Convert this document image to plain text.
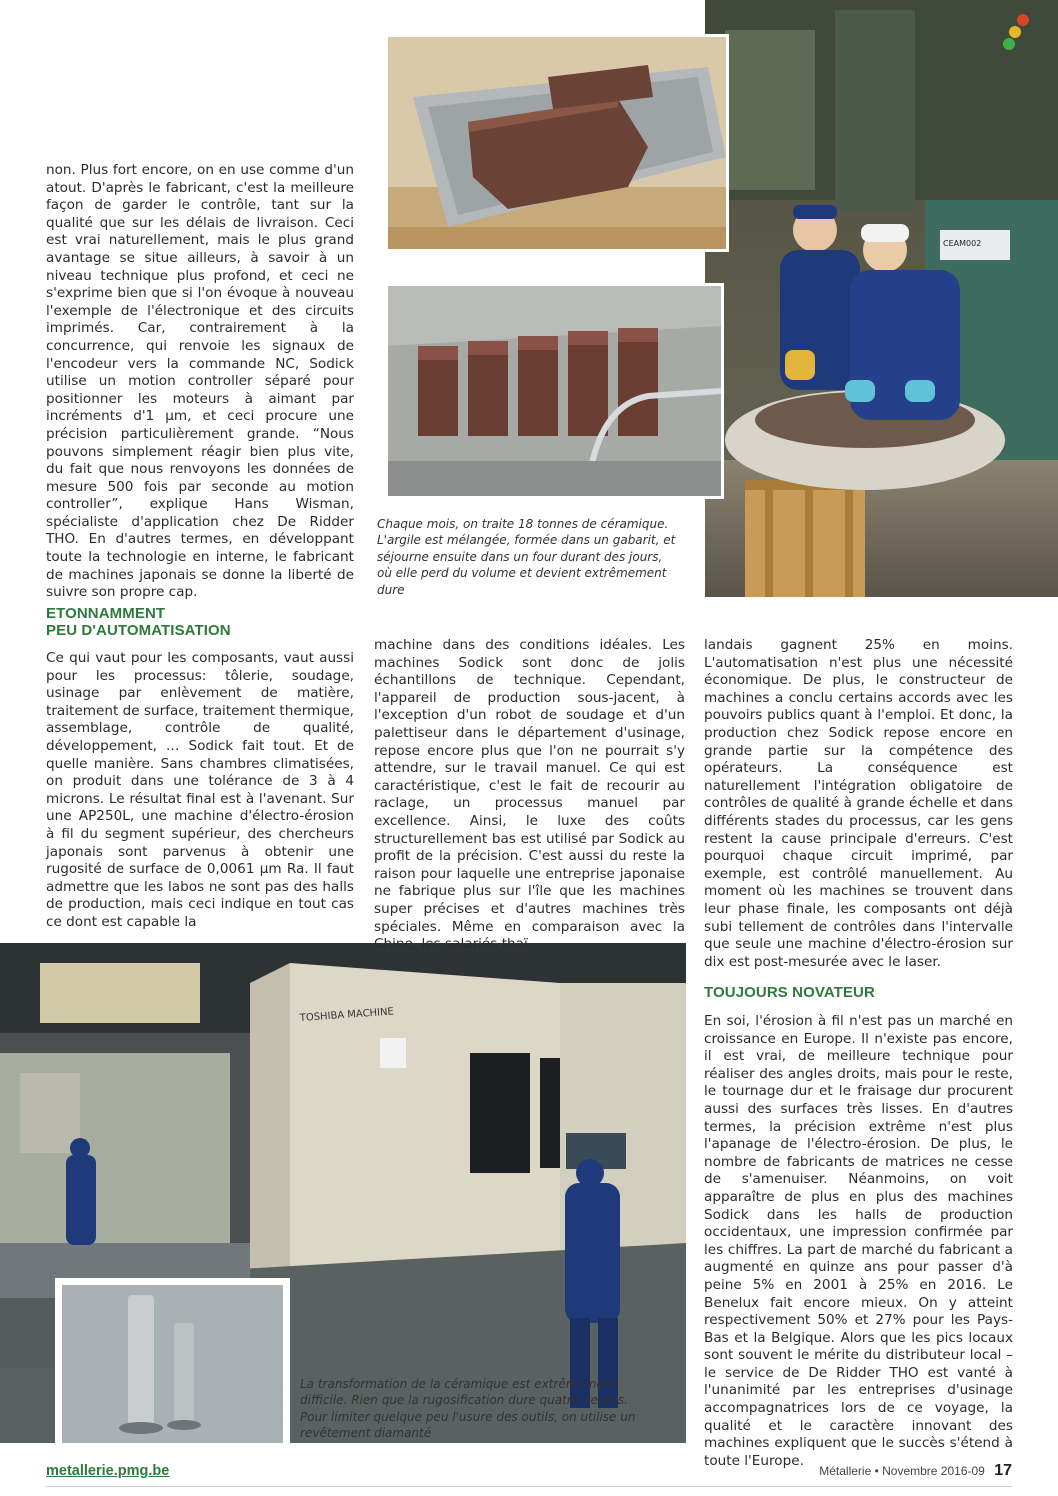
CEAM002
TOSHIBA MACHINE

non. Plus fort encore, on en use comme d'un atout. D'après le fabricant, c'est la meilleure façon de garder le contrôle, tant sur la qualité que sur les délais de livraison. Ceci est vrai naturellement, mais le plus grand avantage se situe ailleurs, à savoir à un niveau technique plus profond, et ceci ne s'exprime bien que si l'on évoque à nouveau l'exemple de l'électronique et des circuits imprimés. Car, contrairement à la concurrence, qui renvoie les signaux de l'encodeur vers la commande NC, Sodick utilise un motion controller séparé pour positionner les moteurs à aimant par incréments d'1 µm, et ceci procure une précision particulièrement grande. “Nous pouvons simplement réagir bien plus vite, du fait que nous renvoyons les données de mesure 500 fois par seconde au motion controller”, explique Hans Wisman, spécialiste d'application chez De Ridder THO. En d'autres termes, en développant toute la technologie en interne, le fabricant de machines japonais se donne la liberté de suivre son propre cap.

Chaque mois, on traite 18 tonnes de céramique. L'argile est mélangée, formée dans un gabarit, et séjourne ensuite dans un four durant des jours, où elle perd du volume et devient extrêmement dure
ETONNAMMENT
PEU D'AUTOMATISATION

Ce qui vaut pour les composants, vaut aussi pour les processus: tôlerie, soudage, usinage par enlèvement de matière, traitement de surface, traitement thermique, assemblage, contrôle de qualité, développement, … Sodick fait tout. Et de quelle manière. Sans chambres climatisées, on produit dans une tolérance de 3 à 4 microns. Le résultat final est à l'avenant. Sur une AP250L, une machine d'électro-érosion à fil du segment supérieur, des chercheurs japonais sont parvenus à obtenir une rugosité de surface de 0,0061 µm Ra. Il faut admettre que les labos ne sont pas des halls de production, mais ceci indique en tout cas ce dont est capable la

machine dans des conditions idéales. Les machines Sodick sont donc de jolis échantillons de technique. Cependant, l'appareil de production sous-jacent, à l'exception d'un robot de soudage et d'un palettiseur dans le département d'usinage, repose encore plus que l'on ne pourrait s'y attendre, sur le travail manuel. Ce qui est caractéristique, c'est le fait de recourir au raclage, un processus manuel par excellence. Ainsi, le luxe des coûts structurellement bas est utilisé par Sodick au profit de la précision. C'est aussi du reste la raison pour laquelle une entreprise japonaise ne fabrique plus sur l'île que les machines super précises et d'autres machines très spéciales. Même en comparaison avec la Chine, les salariés thaï-

landais gagnent 25% en moins. L'automatisation n'est plus une nécessité économique. De plus, le constructeur de machines a conclu certains accords avec les pouvoirs publics quant à l'emploi. Et donc, la production chez Sodick repose encore en grande partie sur la compétence des opérateurs. La conséquence est naturellement l'intégration obligatoire de contrôles de qualité à grande échelle et dans différents stades du processus, car les gens restent la cause principale d'erreurs. C'est pourquoi chaque circuit imprimé, par exemple, est contrôlé manuellement. Au moment où les machines se trouvent dans leur phase finale, les composants ont déjà subi tellement de contrôles dans l'intervalle que seule une machine d'électro-érosion sur dix est post-mesurée avec le laser.

TOUJOURS NOVATEUR

En soi, l'érosion à fil n'est pas un marché en croissance en Europe. Il n'existe pas encore, il est vrai, de meilleure technique pour réaliser des angles droits, mais pour le reste, le tournage dur et le fraisage dur procurent aussi des surfaces très lisses. En d'autres termes, la précision extrême n'est plus l'apanage de l'électro-érosion. De plus, le nombre de fabricants de matrices ne cesse de s'amenuiser. Néanmoins, on voit apparaître de plus en plus des machines Sodick dans les halls de production occidentaux, une impression confirmée par les chiffres. La part de marché du fabricant a augmenté en quinze ans pour passer d'à peine 5% en 2001 à 25% en 2016. Le Benelux fait encore mieux. On y atteint respectivement 50% et 27% pour les Pays-Bas et la Belgique. Alors que les pics locaux sont souvent le mérite du distributeur local – le service de De Ridder THO est vanté à l'unanimité par les entreprises d'usinage accompagnatrices lors de ce voyage, la qualité et le caractère innovant des machines expliquent que le succès s'étend à toute l'Europe.

La transformation de la céramique est extrêmement difficile. Rien que la rugosification dure quatre heures. Pour limiter quelque peu l'usure des outils, on utilise un revêtement diamanté
metallerie.pmg.be	Métallerie • Novembre 2016-09 17
